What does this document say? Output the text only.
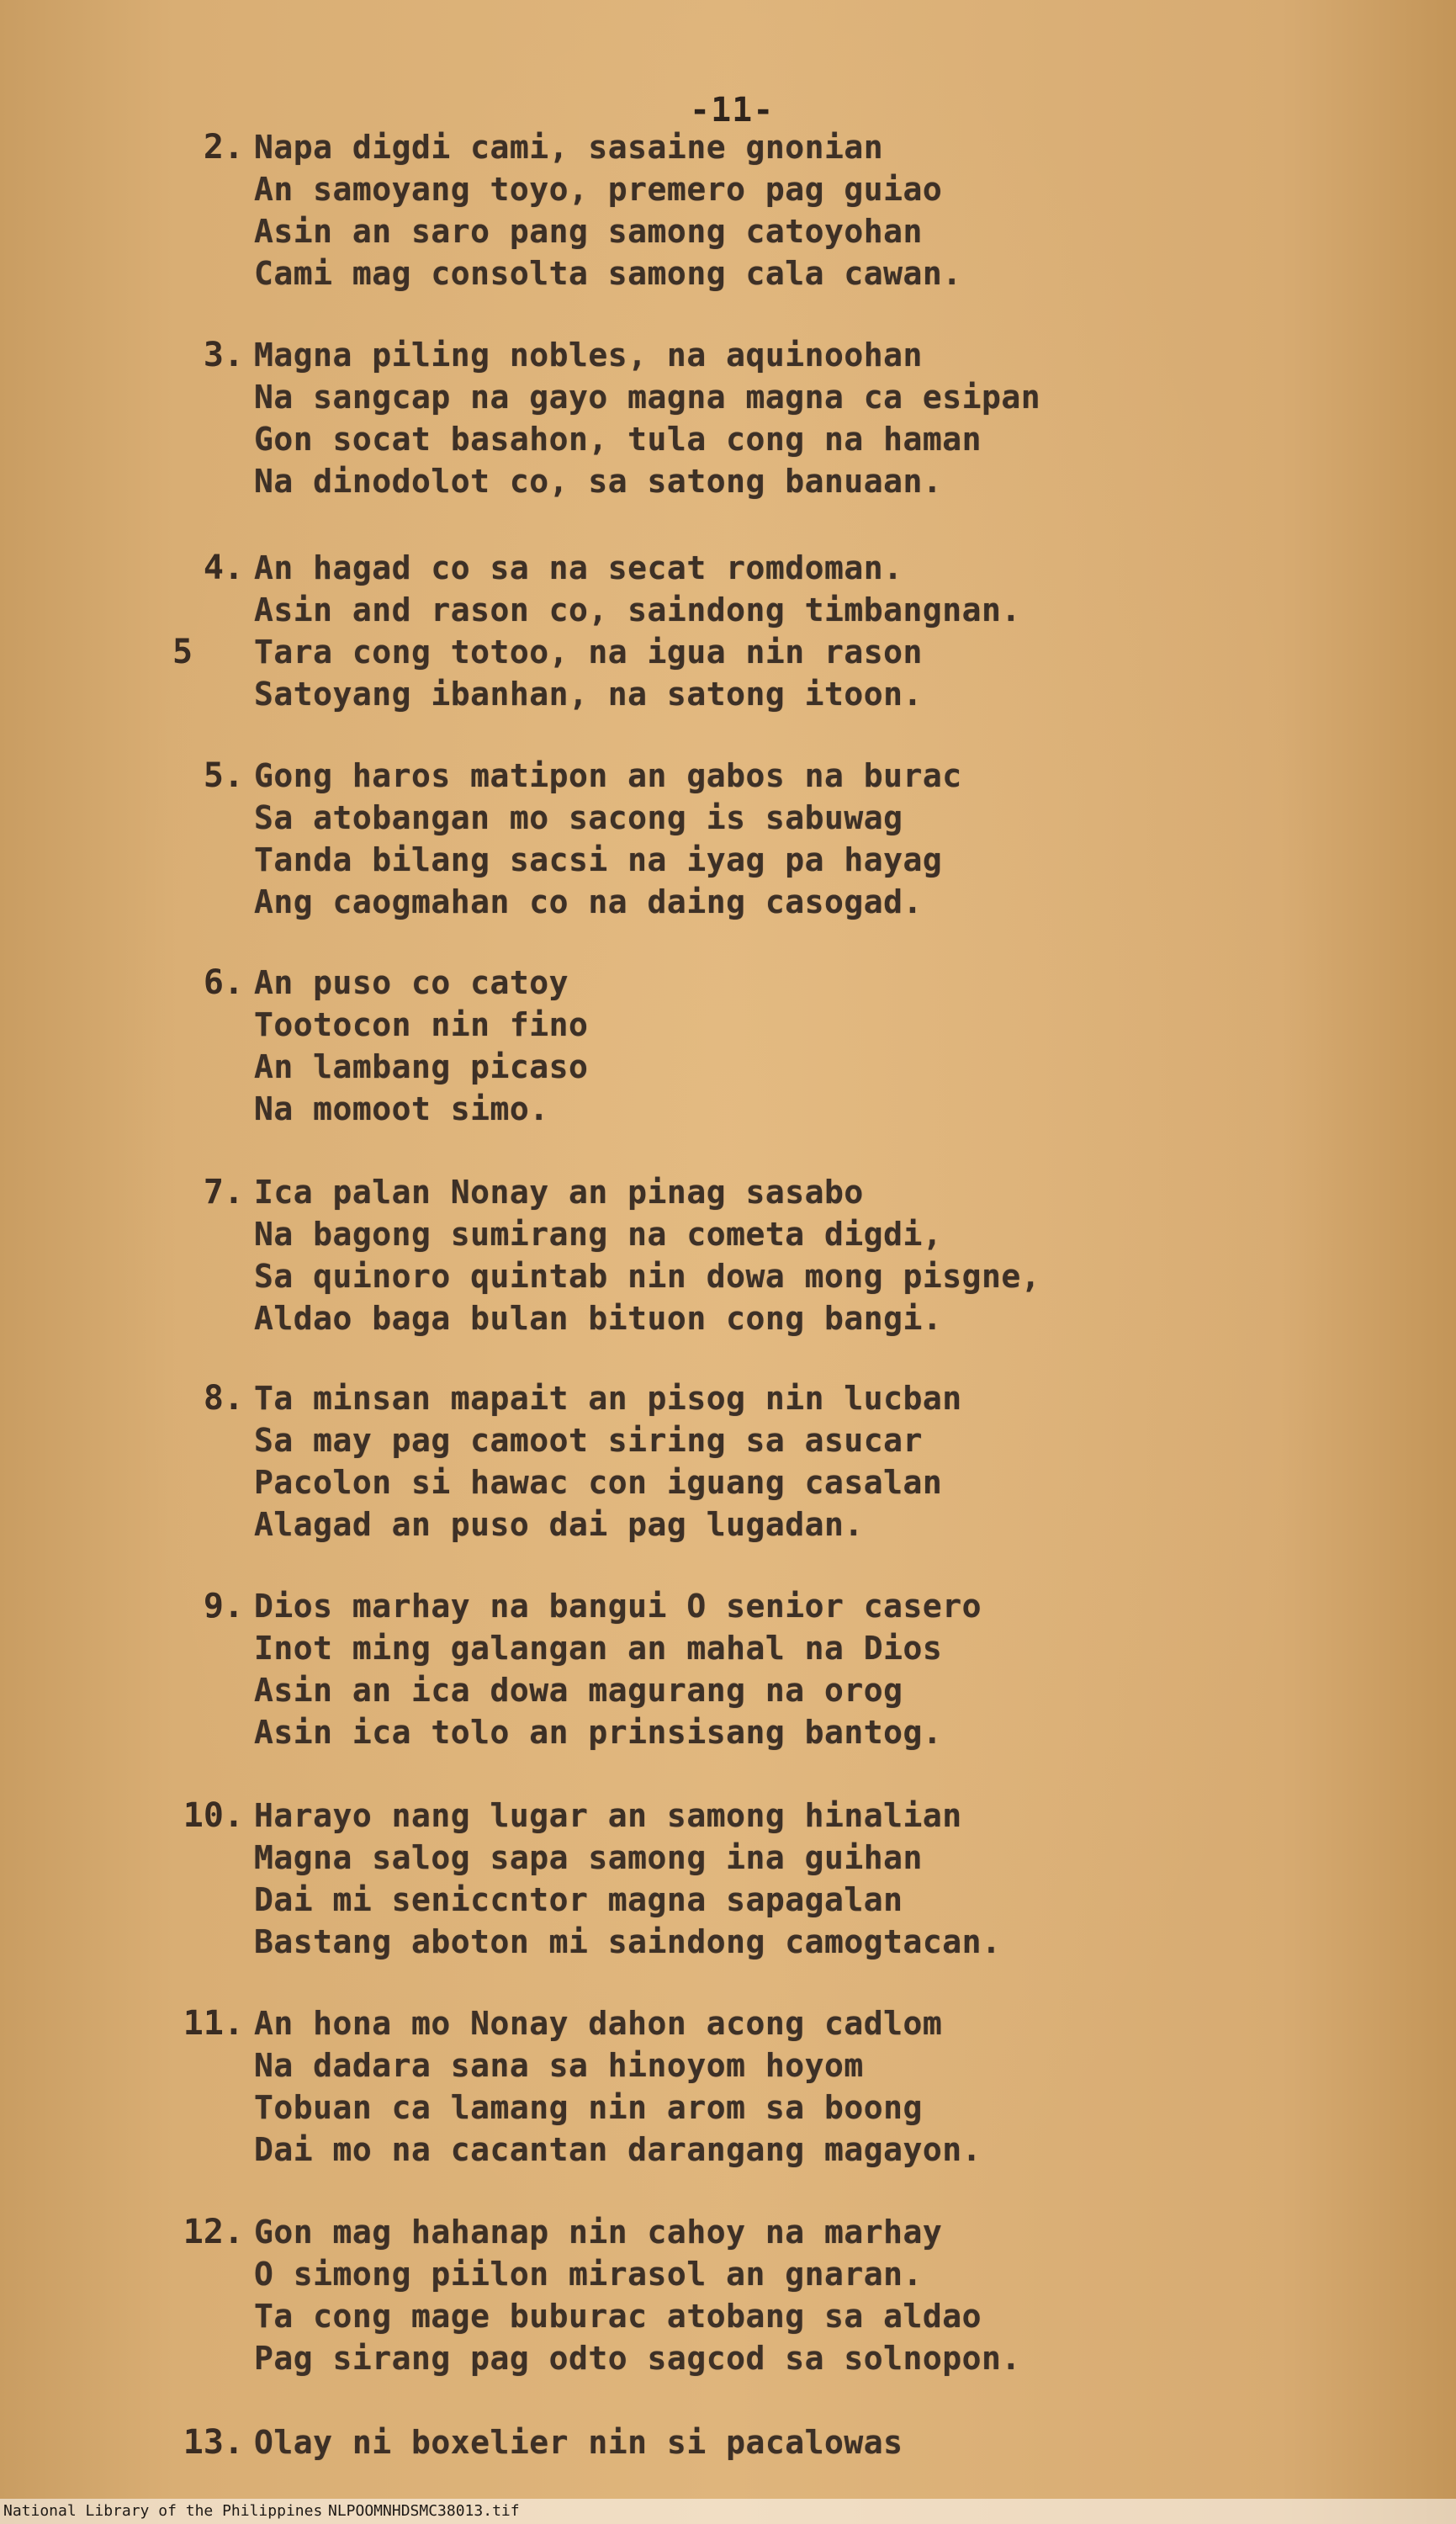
-11-
2. Napa digdi cami, sasaine gnonian
An samoyang toyo, premero pag guiao
Asin an saro pang samong catoyohan
Cami mag consolta samong cala cawan.
3. Magna piling nobles, na aquinoohan
Na sangcap na gayo magna magna ca esipan
Gon socat basahon, tula cong na haman
Na dinodolot co, sa satong banuaan.
4.
5
An hagad co sa na secat romdoman.
Asin and rason co, saindong timbangnan.
Tara cong totoo, na igua nin rason
Satoyang ibanhan, na satong itoon.
5. Gong haros matipon an gabos na burac
Sa atobangan mo sacong is sabuwag
Tanda bilang sacsi na iyag pa hayag
Ang caogmahan co na daing casogad.
6. An puso co catoy
Tootocon nin fino
An lambang picaso
Na momoot simo.
7. Ica palan Nonay an pinag sasabo
Na bagong sumirang na cometa digdi,
Sa quinoro quintab nin dowa mong pisgne,
Aldao baga bulan bituon cong bangi.
8. Ta minsan mapait an pisog nin lucban
Sa may pag camoot siring sa asucar
Pacolon si hawac con iguang casalan
Alagad an puso dai pag lugadan.
9. Dios marhay na bangui O senior casero
Inot ming galangan an mahal na Dios
Asin an ica dowa magurang na orog
Asin ica tolo an prinsisang bantog.
10. Harayo nang lugar an samong hinalian
Magna salog sapa samong ina guihan
Dai mi seniccntor magna sapagalan
Bastang aboton mi saindong camogtacan.
11. An hona mo Nonay dahon acong cadlom
Na dadara sana sa hinoyom hoyom
Tobuan ca lamang nin arom sa boong
Dai mo na cacantan darangang magayon.
12. Gon mag hahanap nin cahoy na marhay
O simong piilon mirasol an gnaran.
Ta cong mage buburac atobang sa aldao
Pag sirang pag odto sagcod sa solnopon.
13. Olay ni boxelier nin si pacalowas
National Library of the Philippines NLPOOMNHDSMC38013.tif
